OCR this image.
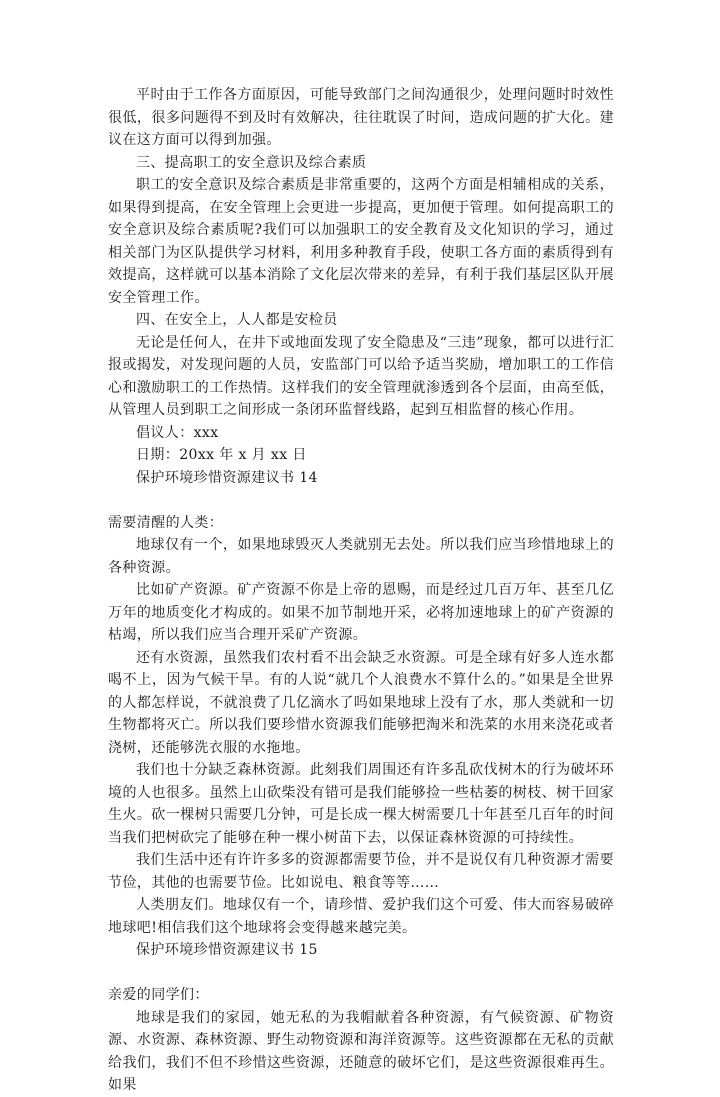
平时由于工作各方面原因，可能导致部门之间沟通很少，处理问题时时效性很低，很多问题得不到及时有效解决，往往耽误了时间，造成问题的扩大化。建议在这方面可以得到加强。

三、提高职工的安全意识及综合素质

职工的安全意识及综合素质是非常重要的，这两个方面是相辅相成的关系，如果得到提高，在安全管理上会更进一步提高，更加便于管理。如何提高职工的安全意识及综合素质呢?我们可以加强职工的安全教育及文化知识的学习，通过相关部门为区队提供学习材料，利用多种教育手段，使职工各方面的素质得到有效提高，这样就可以基本消除了文化层次带来的差异，有利于我们基层区队开展安全管理工作。

四、在安全上，人人都是安检员

无论是任何人，在井下或地面发现了安全隐患及“三违”现象，都可以进行汇报或揭发，对发现问题的人员，安监部门可以给予适当奖励，增加职工的工作信心和激励职工的工作热情。这样我们的安全管理就渗透到各个层面，由高至低，从管理人员到职工之间形成一条闭环监督线路，起到互相监督的核心作用。

倡议人：xxx

日期：20xx 年 x 月 xx 日

保护环境珍惜资源建议书 14

需要清醒的人类：

地球仅有一个，如果地球毁灭人类就别无去处。所以我们应当珍惜地球上的各种资源。

比如矿产资源。矿产资源不你是上帝的恩赐，而是经过几百万年、甚至几亿万年的地质变化才构成的。如果不加节制地开采，必将加速地球上的矿产资源的枯竭，所以我们应当合理开采矿产资源。

还有水资源，虽然我们农村看不出会缺乏水资源。可是全球有好多人连水都喝不上，因为气候干旱。有的人说“就几个人浪费水不算什么的。”如果是全世界的人都怎样说，不就浪费了几亿滴水了吗如果地球上没有了水，那人类就和一切生物都将灭亡。所以我们要珍惜水资源我们能够把淘米和洗菜的水用来浇花或者浇树，还能够洗衣服的水拖地。

我们也十分缺乏森林资源。此刻我们周围还有许多乱砍伐树木的行为破坏环境的人也很多。虽然上山砍柴没有错可是我们能够捡一些枯萎的树枝、树干回家生火。砍一棵树只需要几分钟，可是长成一棵大树需要几十年甚至几百年的时间当我们把树砍完了能够在种一棵小树苗下去，以保证森林资源的可持续性。

我们生活中还有许许多多的资源都需要节俭，并不是说仅有几种资源才需要节俭，其他的也需要节俭。比如说电、粮食等等……

人类朋友们。地球仅有一个，请珍惜、爱护我们这个可爱、伟大而容易破碎地球吧!相信我们这个地球将会变得越来越完美。

保护环境珍惜资源建议书 15

亲爱的同学们：

地球是我们的家园，她无私的为我帽献着各种资源，有气候资源、矿物资源、水资源、森林资源、野生动物资源和海洋资源等。这些资源都在无私的贡献给我们，我们不但不珍惜这些资源，还随意的破坏它们，是这些资源很难再生。如果
